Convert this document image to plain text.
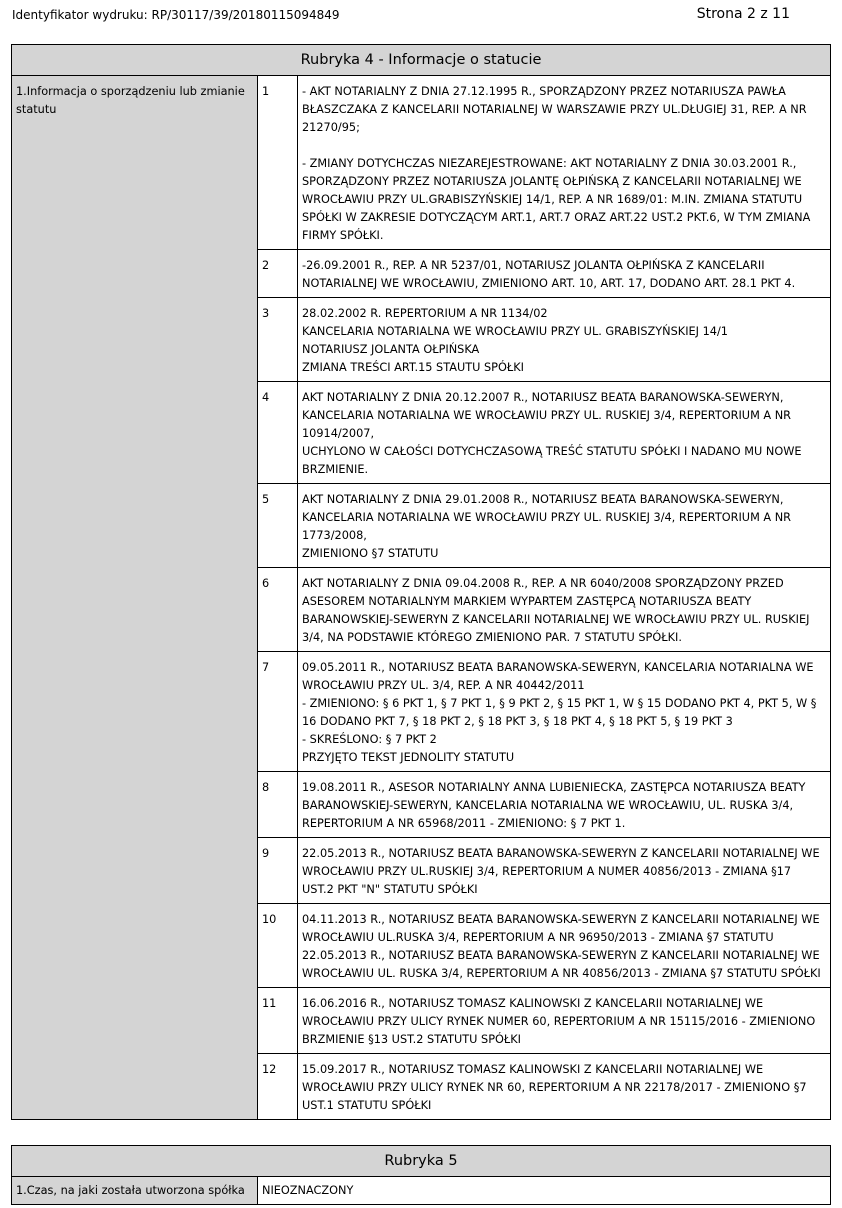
Identyfikator wydruku: RP/30117/39/20180115094849	Strona 2 z 11
Rubryka 4 - Informacje o statucie		
1.Informacja o sporządzeniu lub zmianie statutu	1	- AKT NOTARIALNY Z DNIA 27.12.1995 R., SPORZĄDZONY PRZEZ NOTARIUSZA PAWŁA BŁASZCZAKA Z KANCELARII NOTARIALNEJ W WARSZAWIE PRZY UL.DŁUGIEJ 31, REP. A NR 21270/95;

- ZMIANY DOTYCHCZAS NIEZAREJESTROWANE: AKT NOTARIALNY Z DNIA 30.03.2001 R., SPORZĄDZONY PRZEZ NOTARIUSZA JOLANTĘ OŁPIŃSKĄ Z KANCELARII NOTARIALNEJ WE WROCŁAWIU PRZY UL.GRABISZYŃSKIEJ 14/1, REP. A NR 1689/01: M.IN. ZMIANA STATUTU SPÓŁKI W ZAKRESIE DOTYCZĄCYM ART.1, ART.7 ORAZ ART.22 UST.2 PKT.6, W TYM ZMIANA FIRMY SPÓŁKI.

	2	-26.09.2001 R., REP. A NR 5237/01, NOTARIUSZ JOLANTA OŁPIŃSKA Z KANCELARII NOTARIALNEJ WE WROCŁAWIU, ZMIENIONO ART. 10, ART. 17, DODANO ART. 28.1 PKT 4.

	3	28.02.2002 R. REPERTORIUM A NR 1134/02

KANCELARIA NOTARIALNA WE WROCŁAWIU PRZY UL. GRABISZYŃSKIEJ 14/1

NOTARIUSZ JOLANTA OŁPIŃSKA

ZMIANA TREŚCI ART.15 STAUTU SPÓŁKI

	4	AKT NOTARIALNY Z DNIA 20.12.2007 R., NOTARIUSZ BEATA BARANOWSKA-SEWERYN, KANCELARIA NOTARIALNA WE WROCŁAWIU PRZY UL. RUSKIEJ 3/4, REPERTORIUM A NR 10914/2007,

UCHYLONO W CAŁOŚCI DOTYCHCZASOWĄ TREŚĆ STATUTU SPÓŁKI I NADANO MU NOWE BRZMIENIE.

	5	AKT NOTARIALNY Z DNIA 29.01.2008 R., NOTARIUSZ BEATA BARANOWSKA-SEWERYN, KANCELARIA NOTARIALNA WE WROCŁAWIU PRZY UL. RUSKIEJ 3/4, REPERTORIUM A NR 1773/2008,

ZMIENIONO §7 STATUTU

	6	AKT NOTARIALNY Z DNIA 09.04.2008 R., REP. A NR 6040/2008 SPORZĄDZONY PRZED ASESOREM NOTARIALNYM MARKIEM WYPARTEM ZASTĘPCĄ NOTARIUSZA BEATY BARANOWSKIEJ-SEWERYN Z KANCELARII NOTARIALNEJ WE WROCŁAWIU PRZY UL. RUSKIEJ 3/4, NA PODSTAWIE KTÓREGO ZMIENIONO PAR. 7 STATUTU SPÓŁKI.

	7	09.05.2011 R., NOTARIUSZ BEATA BARANOWSKA-SEWERYN, KANCELARIA NOTARIALNA WE WROCŁAWIU PRZY UL. 3/4, REP. A NR 40442/2011

- ZMIENIONO: § 6 PKT 1, § 7 PKT 1, § 9 PKT 2, § 15 PKT 1, W § 15 DODANO PKT 4, PKT 5, W § 16 DODANO PKT 7, § 18 PKT 2, § 18 PKT 3, § 18 PKT 4, § 18 PKT 5, § 19 PKT 3

- SKREŚLONO: § 7 PKT 2

PRZYJĘTO TEKST JEDNOLITY STATUTU

	8	19.08.2011 R., ASESOR NOTARIALNY ANNA LUBIENIECKA, ZASTĘPCA NOTARIUSZA BEATY BARANOWSKIEJ-SEWERYN, KANCELARIA NOTARIALNA WE WROCŁAWIU, UL. RUSKA 3/4, REPERTORIUM A NR 65968/2011 - ZMIENIONO: § 7 PKT 1.

	9	22.05.2013 R., NOTARIUSZ BEATA BARANOWSKA-SEWERYN Z KANCELARII NOTARIALNEJ WE WROCŁAWIU PRZY UL.RUSKIEJ 3/4, REPERTORIUM A NUMER 40856/2013 - ZMIANA §17 UST.2 PKT "N" STATUTU SPÓŁKI

	10	04.11.2013 R., NOTARIUSZ BEATA BARANOWSKA-SEWERYN Z KANCELARII NOTARIALNEJ WE WROCŁAWIU UL.RUSKA 3/4, REPERTORIUM A NR 96950/2013 - ZMIANA §7 STATUTU

22.05.2013 R., NOTARIUSZ BEATA BARANOWSKA-SEWERYN Z KANCELARII NOTARIALNEJ WE WROCŁAWIU UL. RUSKA 3/4, REPERTORIUM A NR 40856/2013 - ZMIANA §7 STATUTU SPÓŁKI

	11	16.06.2016 R., NOTARIUSZ TOMASZ KALINOWSKI Z KANCELARII NOTARIALNEJ WE WROCŁAWIU PRZY ULICY RYNEK NUMER 60, REPERTORIUM A NR 15115/2016 - ZMIENIONO BRZMIENIE §13 UST.2 STATUTU SPÓŁKI

	12	15.09.2017 R., NOTARIUSZ TOMASZ KALINOWSKI Z KANCELARII NOTARIALNEJ WE WROCŁAWIU PRZY ULICY RYNEK NR 60, REPERTORIUM A NR 22178/2017 - ZMIENIONO §7 UST.1 STATUTU SPÓŁKI

Rubryka 5
1.Czas, na jaki została utworzona spółka	NIEOZNACZONY
